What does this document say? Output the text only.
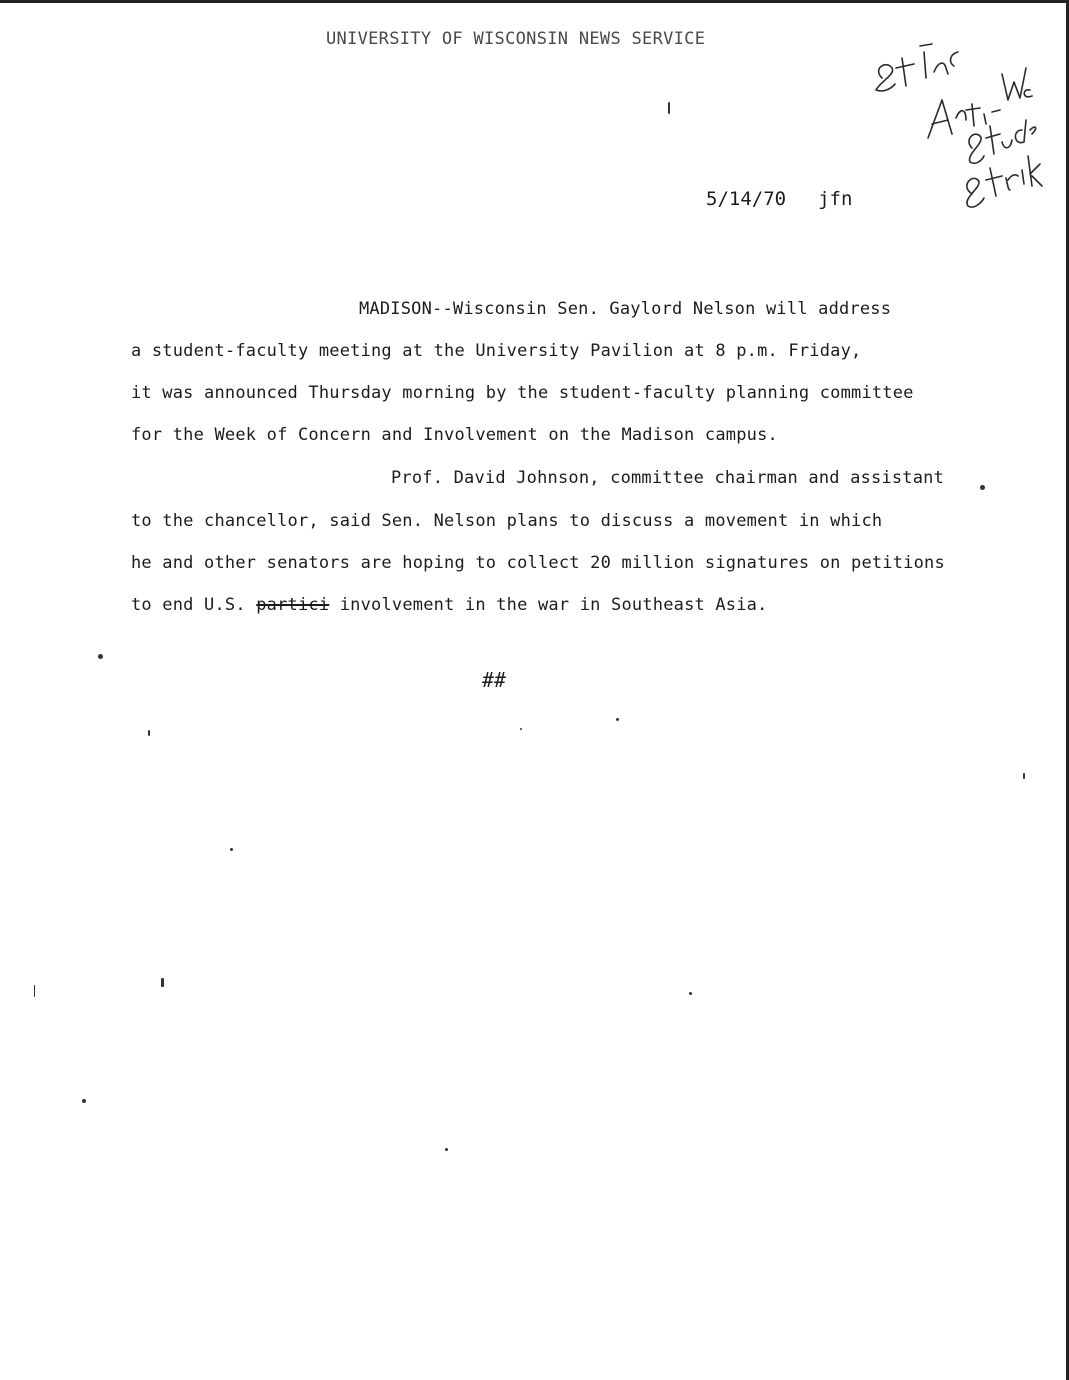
UNIVERSITY OF WISCONSIN NEWS SERVICE
5/14/70 jfn
MADISON--Wisconsin Sen. Gaylord Nelson will address
a student-faculty meeting at the University Pavilion at 8 p.m. Friday,
it was announced Thursday morning by the student-faculty planning committee
for the Week of Concern and Involvement on the Madison campus.
Prof. David Johnson, committee chairman and assistant
to the chancellor, said Sen. Nelson plans to discuss a movement in which
he and other senators are hoping to collect 20 million signatures on petitions
to end U.S. partici involvement in the war in Southeast Asia.
##
